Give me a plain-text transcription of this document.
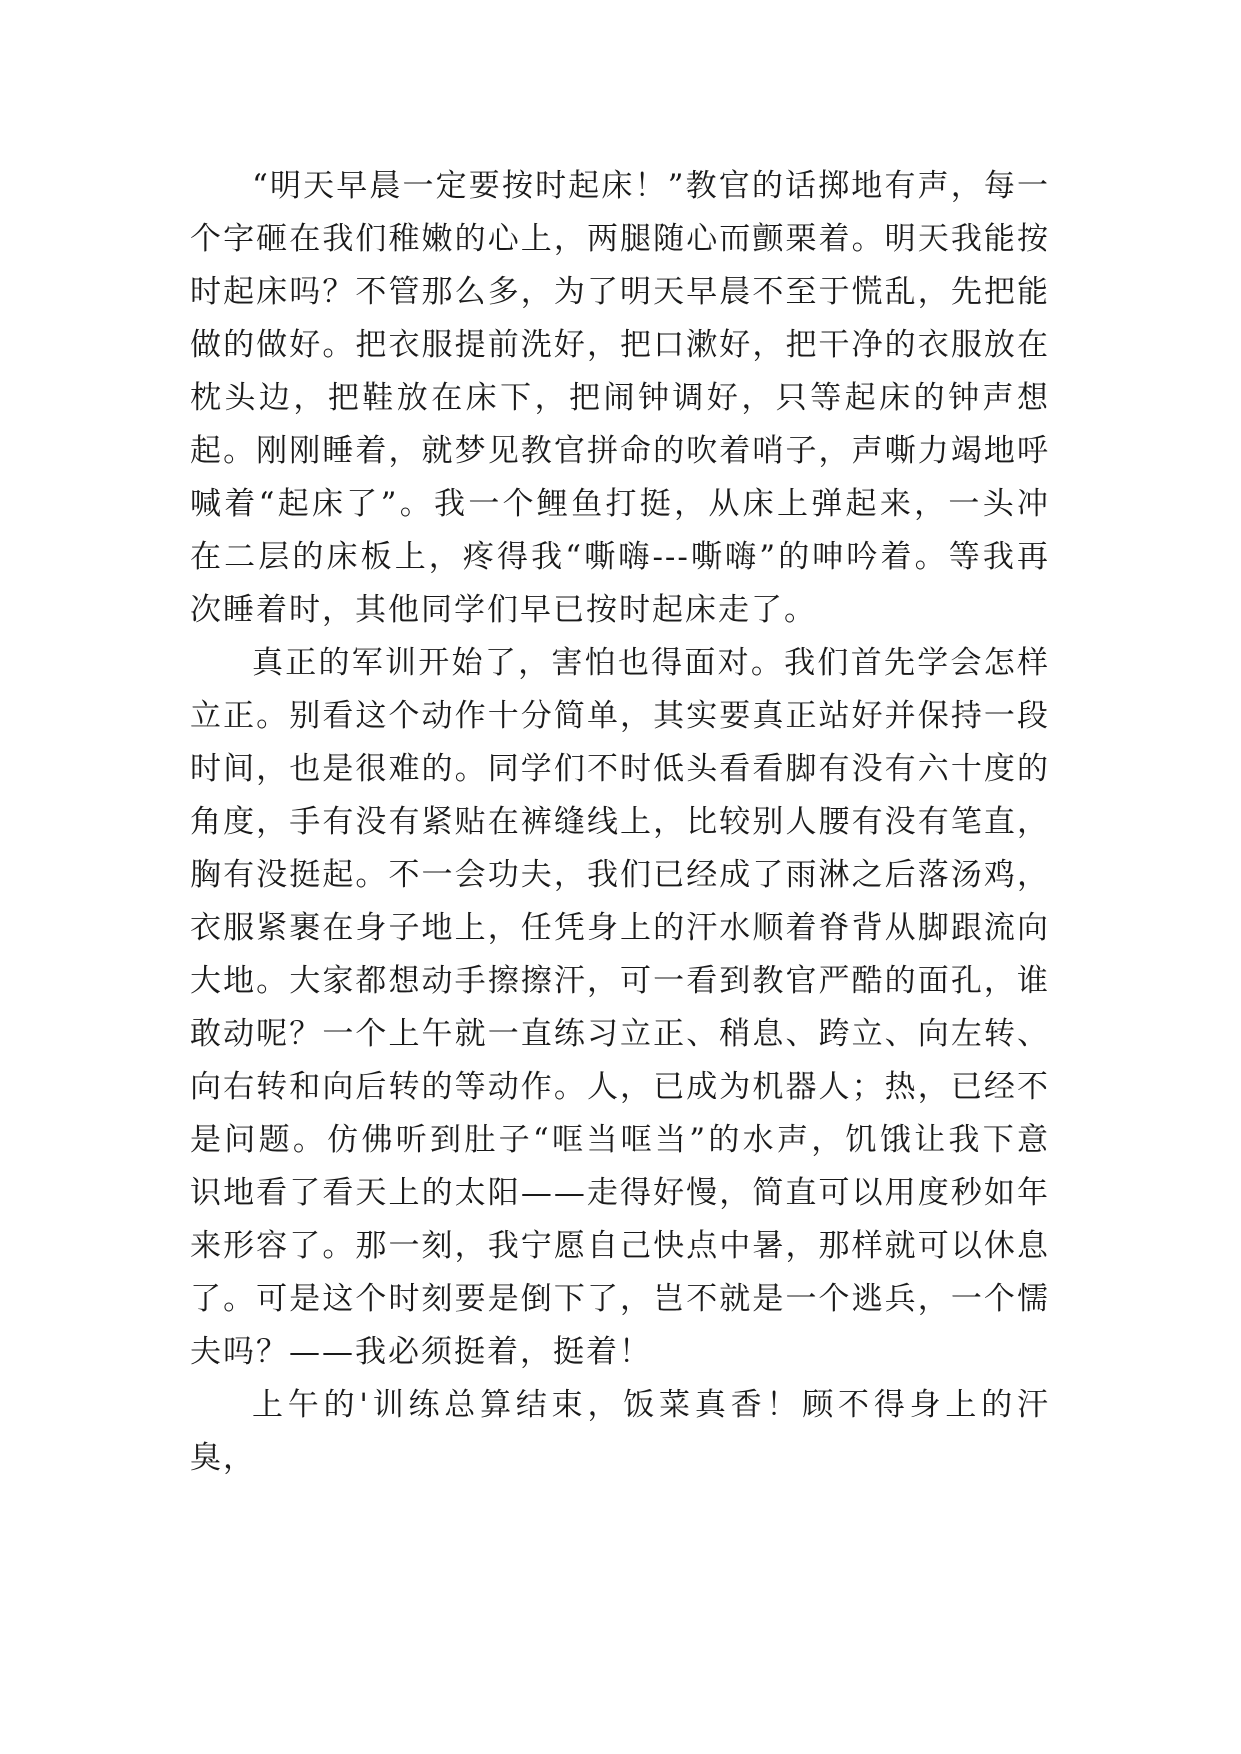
“明天早晨一定要按时起床！”教官的话掷地有声，每一个字砸在我们稚嫩的心上，两腿随心而颤栗着。明天我能按时起床吗？不管那么多，为了明天早晨不至于慌乱，先把能做的做好。把衣服提前洗好，把口漱好，把干净的衣服放在枕头边，把鞋放在床下，把闹钟调好，只等起床的钟声想起。刚刚睡着，就梦见教官拼命的吹着哨子，声嘶力竭地呼喊着“起床了”。我一个鲤鱼打挺，从床上弹起来，一头冲在二层的床板上，疼得我“嘶嗨---嘶嗨”的呻吟着。等我再次睡着时，其他同学们早已按时起床走了。

真正的军训开始了，害怕也得面对。我们首先学会怎样立正。别看这个动作十分简单，其实要真正站好并保持一段时间，也是很难的。同学们不时低头看看脚有没有六十度的角度，手有没有紧贴在裤缝线上，比较别人腰有没有笔直，胸有没挺起。不一会功夫，我们已经成了雨淋之后落汤鸡，衣服紧裹在身子地上，任凭身上的汗水顺着脊背从脚跟流向大地。大家都想动手擦擦汗，可一看到教官严酷的面孔，谁敢动呢？一个上午就一直练习立正、稍息、跨立、向左转、向右转和向后转的等动作。人，已成为机器人；热，已经不是问题。仿佛听到肚子“哐当哐当”的水声，饥饿让我下意识地看了看天上的太阳——走得好慢，简直可以用度秒如年来形容了。那一刻，我宁愿自己快点中暑，那样就可以休息了。可是这个时刻要是倒下了，岂不就是一个逃兵，一个懦夫吗？——我必须挺着，挺着！

上午的'训练总算结束，饭菜真香！顾不得身上的汗臭，
